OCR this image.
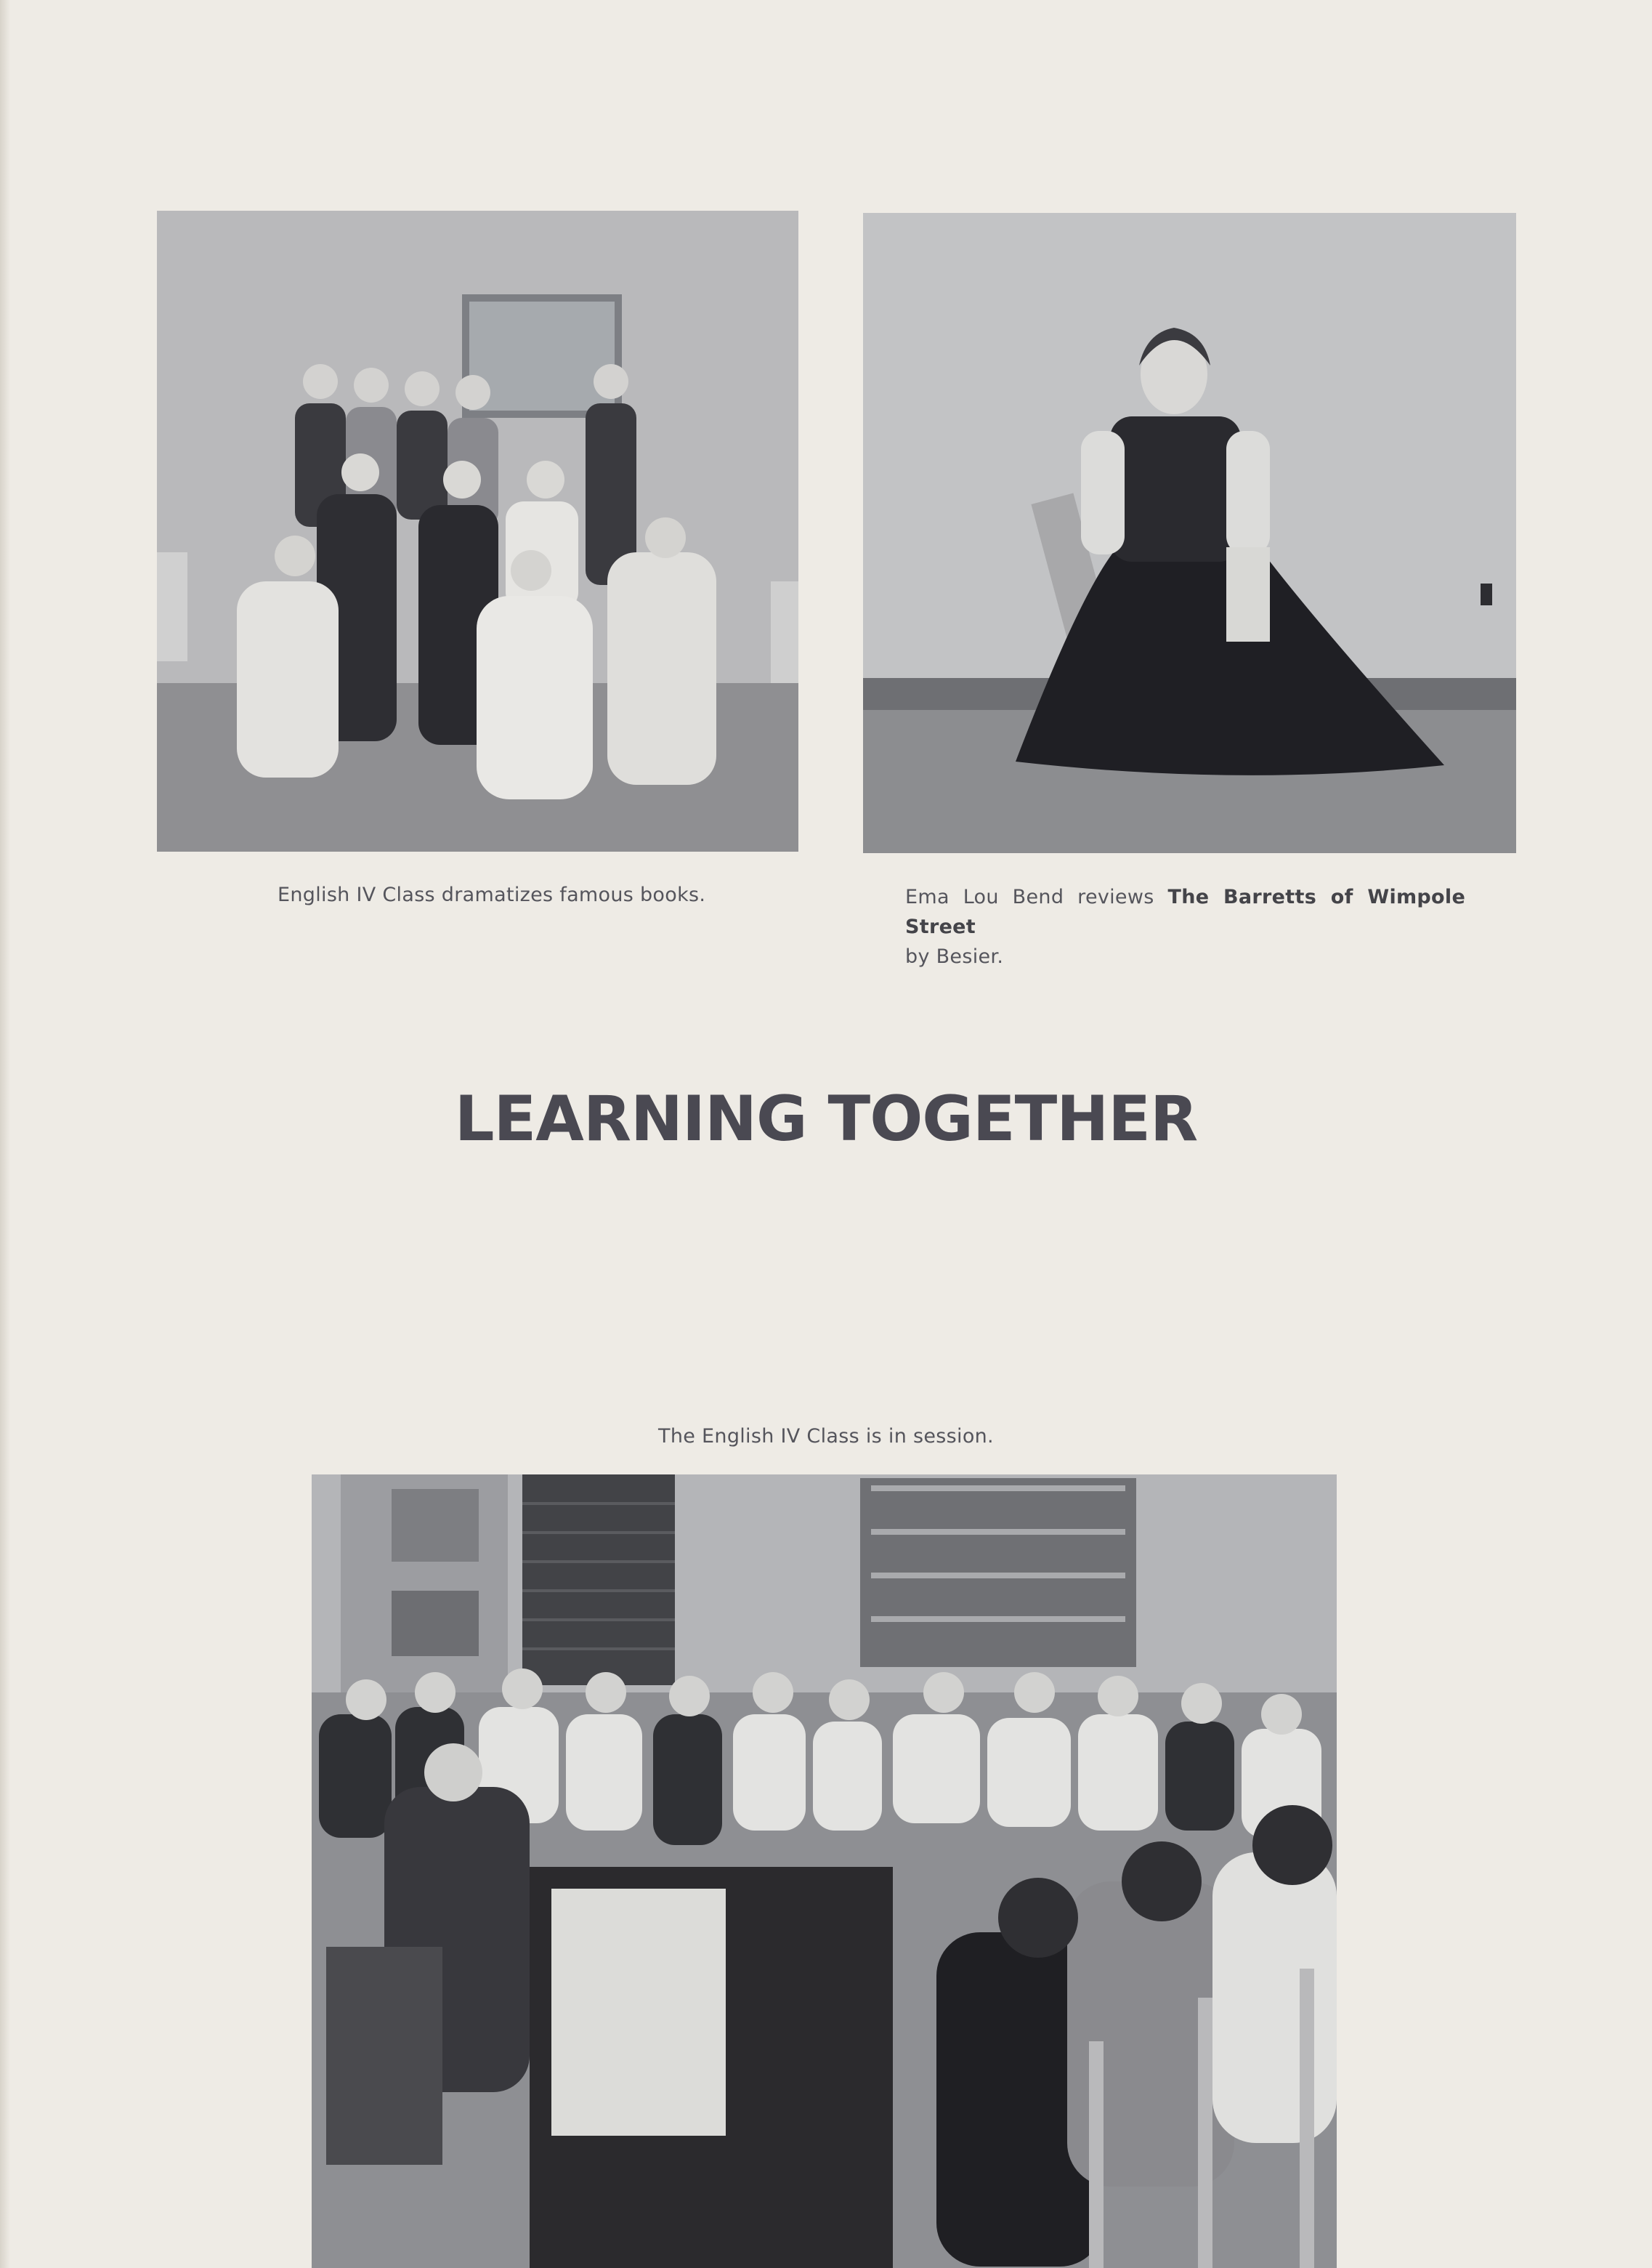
English IV Class dramatizes famous books.	Ema Lou Bend reviews The Barretts of Wimpole Street
by Besier.
LEARNING TOGETHER
The English IV Class is in session.
